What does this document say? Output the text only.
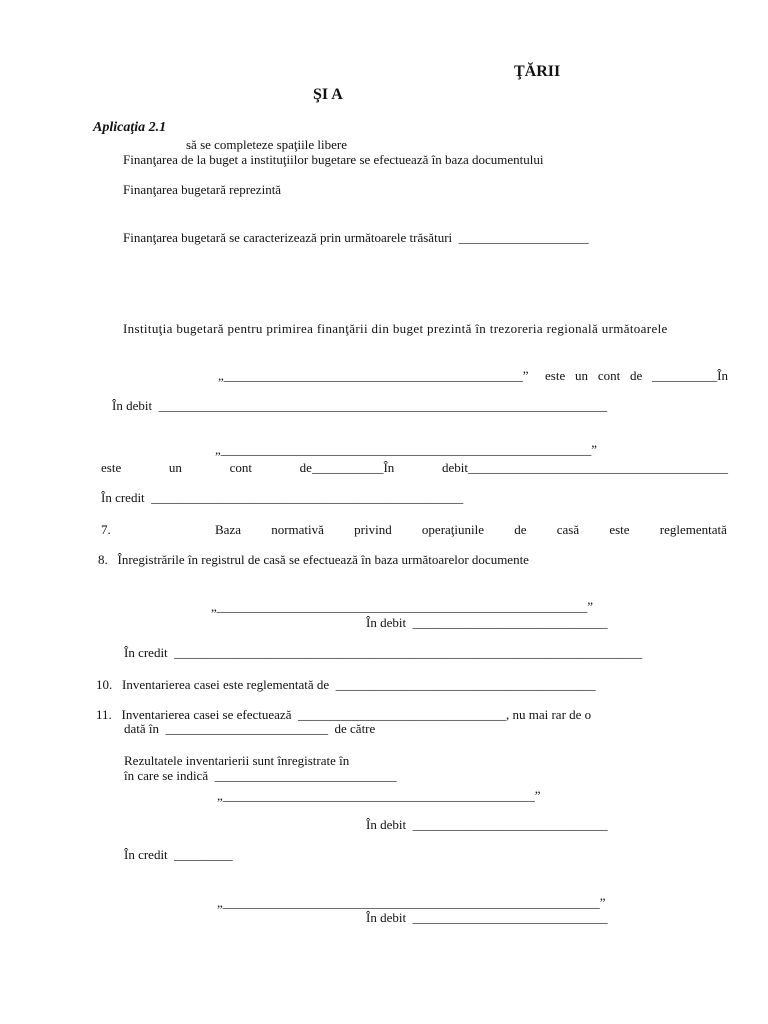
ŢĂRII
ŞI A
Aplicaţia 2.1
să se completeze spaţiile libere
Finanţarea de la buget a instituţiilor bugetare se efectuează în baza documentului
Finanţarea bugetară reprezintă
Finanţarea bugetară se caracterizează prin următoarele trăsături  ____________________
Instituţia bugetară pentru primirea finanţării din buget prezintă în trezoreria regională următoarele
„______________________________________________” este un cont de __________În
În debit  _____________________________________________________________________
„_________________________________________________________”
este	un	cont	de___________În	debit________________________________________
În credit  ________________________________________________
7.	Baza normativă privind operaţiunile de casă este reglementată
8.   Înregistrările în registrul de casă se efectuează în baza următoarelor documente
„_________________________________________________________”
În debit  ______________________________
În credit  ________________________________________________________________________
10.   Inventarierea casei este reglementată de  ________________________________________
11.   Inventarierea casei se efectuează  ________________________________, nu mai rar de o
dată în  _________________________  de către
Rezultatele inventarierii sunt înregistrate în
în care se indică  ____________________________
„________________________________________________”
În debit  ______________________________
În credit  _________
„__________________________________________________________”
În debit  ______________________________
